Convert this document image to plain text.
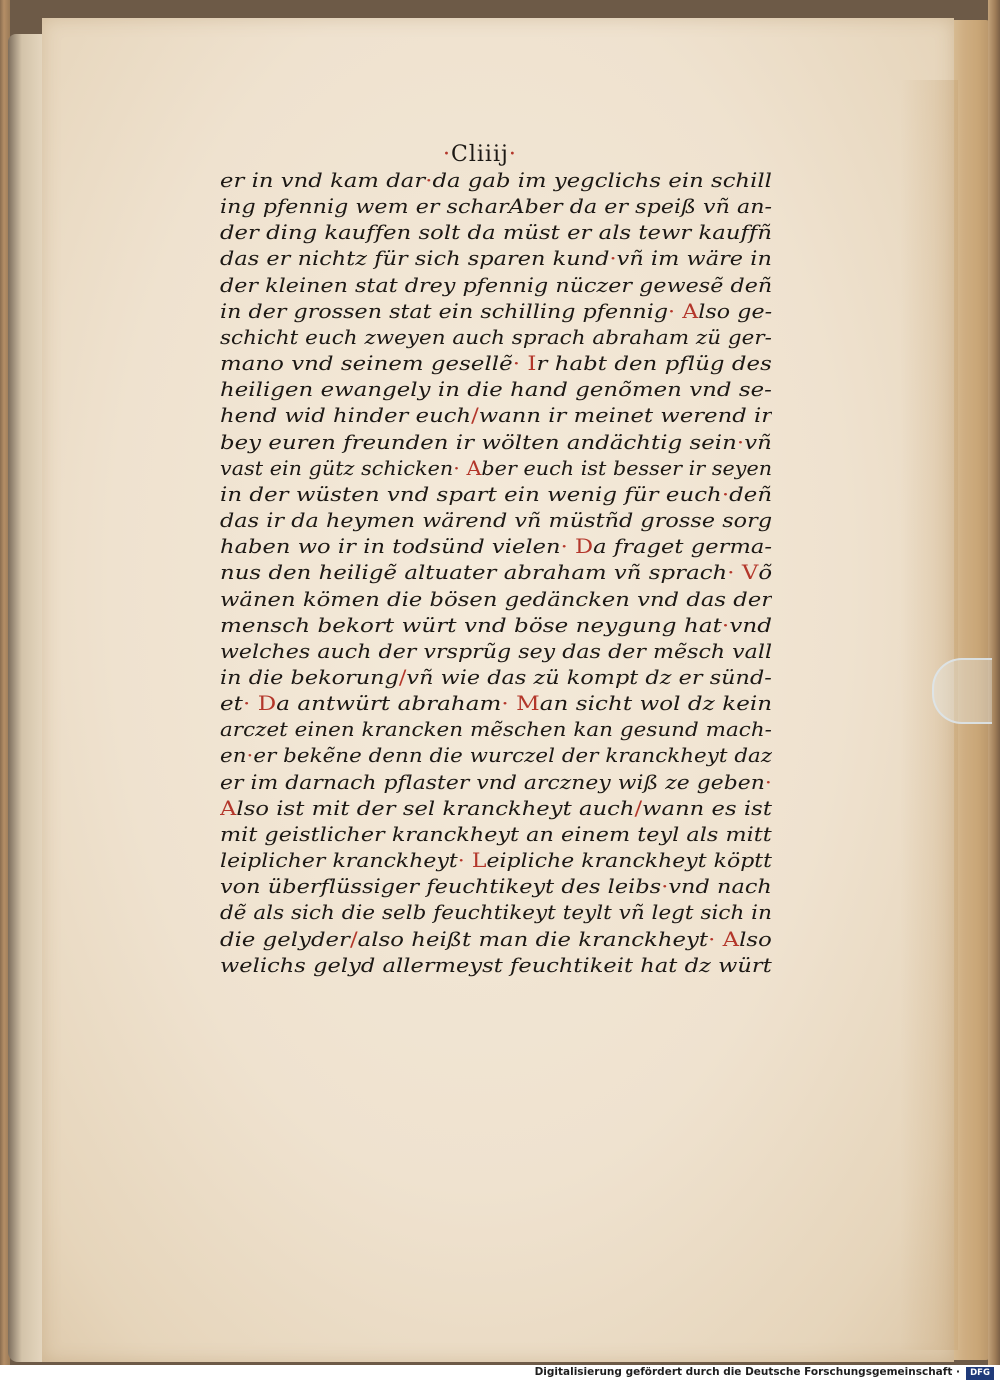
·Cliiij·
er in vnd kam dar·da gab im yegclichs ein schill
ing pfennig wem er scharAber da er speiß vñ an-
der ding kauffen solt da müst er als tewr kauffñ
das er nichtz für sich sparen kund·vñ im wäre in
der kleinen stat drey pfennig nüczer gewesẽ deñ
in der grossen stat ein schilling pfennig· Also ge-
schicht euch zweyen auch sprach abraham zü ger-
mano vnd seinem gesellẽ· Ir habt den pflüg des
heiligen ewangely in die hand genõmen vnd se-
hend wid hinder euch/wann ir meinet werend ir
bey euren freunden ir wölten andächtig sein·vñ
vast ein gütz schicken· Aber euch ist besser ir seyen
in der wüsten vnd spart ein wenig für euch·deñ
das ir da heymen wärend vñ müstñd grosse sorg
haben wo ir in todsünd vielen· Da fraget germa-
nus den heiligẽ altuater abraham vñ sprach· Võ
wänen kömen die bösen gedäncken vnd das der
mensch bekort würt vnd böse neygung hat·vnd
welches auch der vrsprũg sey das der mẽsch vall
in die bekorung/vñ wie das zü kompt dz er sünd-
et· Da antwürt abraham· Man sicht wol dz kein
arczet einen krancken mẽschen kan gesund mach-
en·er bekẽne denn die wurczel der kranckheyt daz
er im darnach pflaster vnd arczney wiß ze geben·
Also ist mit der sel kranckheyt auch/wann es ist
mit geistlicher kranckheyt an einem teyl als mitt
leiplicher kranckheyt· Leipliche kranckheyt köptt
von überflüssiger feuchtikeyt des leibs·vnd nach
dẽ als sich die selb feuchtikeyt teylt vñ legt sich in
die gelyder/also heißt man die kranckheyt· Also
welichs gelyd allermeyst feuchtikeit hat dz würt
Digitalisierung gefördert durch die Deutsche Forschungsgemeinschaft ·	DFG
